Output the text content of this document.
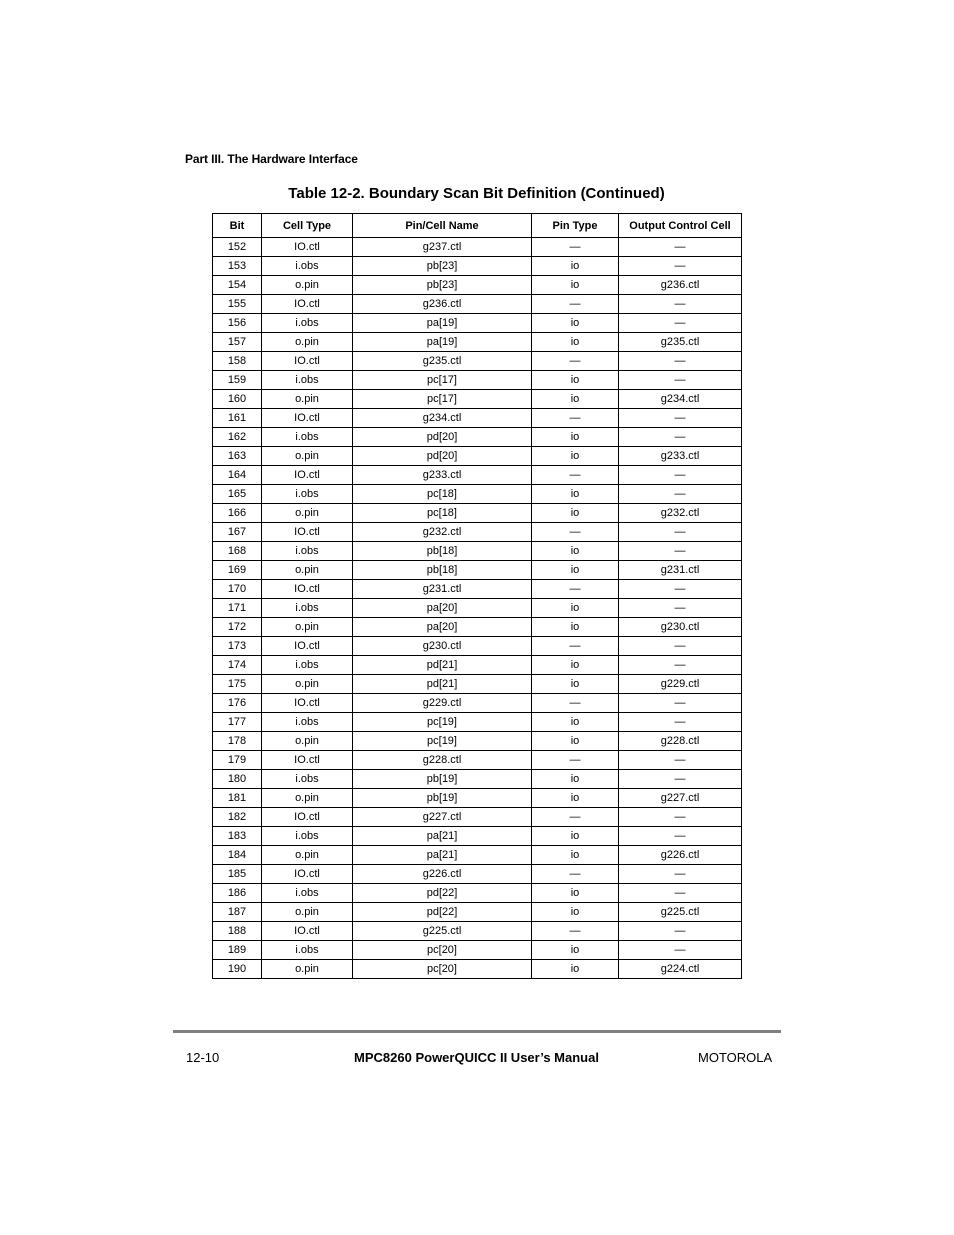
Part III. The Hardware Interface
Table 12-2. Boundary Scan Bit Definition (Continued)
Bit	Cell Type	Pin/Cell Name	Pin Type	Output Control Cell
152	IO.ctl	g237.ctl	—	—
153	i.obs	pb[23]	io	—
154	o.pin	pb[23]	io	g236.ctl
155	IO.ctl	g236.ctl	—	—
156	i.obs	pa[19]	io	—
157	o.pin	pa[19]	io	g235.ctl
158	IO.ctl	g235.ctl	—	—
159	i.obs	pc[17]	io	—
160	o.pin	pc[17]	io	g234.ctl
161	IO.ctl	g234.ctl	—	—
162	i.obs	pd[20]	io	—
163	o.pin	pd[20]	io	g233.ctl
164	IO.ctl	g233.ctl	—	—
165	i.obs	pc[18]	io	—
166	o.pin	pc[18]	io	g232.ctl
167	IO.ctl	g232.ctl	—	—
168	i.obs	pb[18]	io	—
169	o.pin	pb[18]	io	g231.ctl
170	IO.ctl	g231.ctl	—	—
171	i.obs	pa[20]	io	—
172	o.pin	pa[20]	io	g230.ctl
173	IO.ctl	g230.ctl	—	—
174	i.obs	pd[21]	io	—
175	o.pin	pd[21]	io	g229.ctl
176	IO.ctl	g229.ctl	—	—
177	i.obs	pc[19]	io	—
178	o.pin	pc[19]	io	g228.ctl
179	IO.ctl	g228.ctl	—	—
180	i.obs	pb[19]	io	—
181	o.pin	pb[19]	io	g227.ctl
182	IO.ctl	g227.ctl	—	—
183	i.obs	pa[21]	io	—
184	o.pin	pa[21]	io	g226.ctl
185	IO.ctl	g226.ctl	—	—
186	i.obs	pd[22]	io	—
187	o.pin	pd[22]	io	g225.ctl
188	IO.ctl	g225.ctl	—	—
189	i.obs	pc[20]	io	—
190	o.pin	pc[20]	io	g224.ctl
12-10	MPC8260 PowerQUICC II User’s Manual	MOTOROLA
